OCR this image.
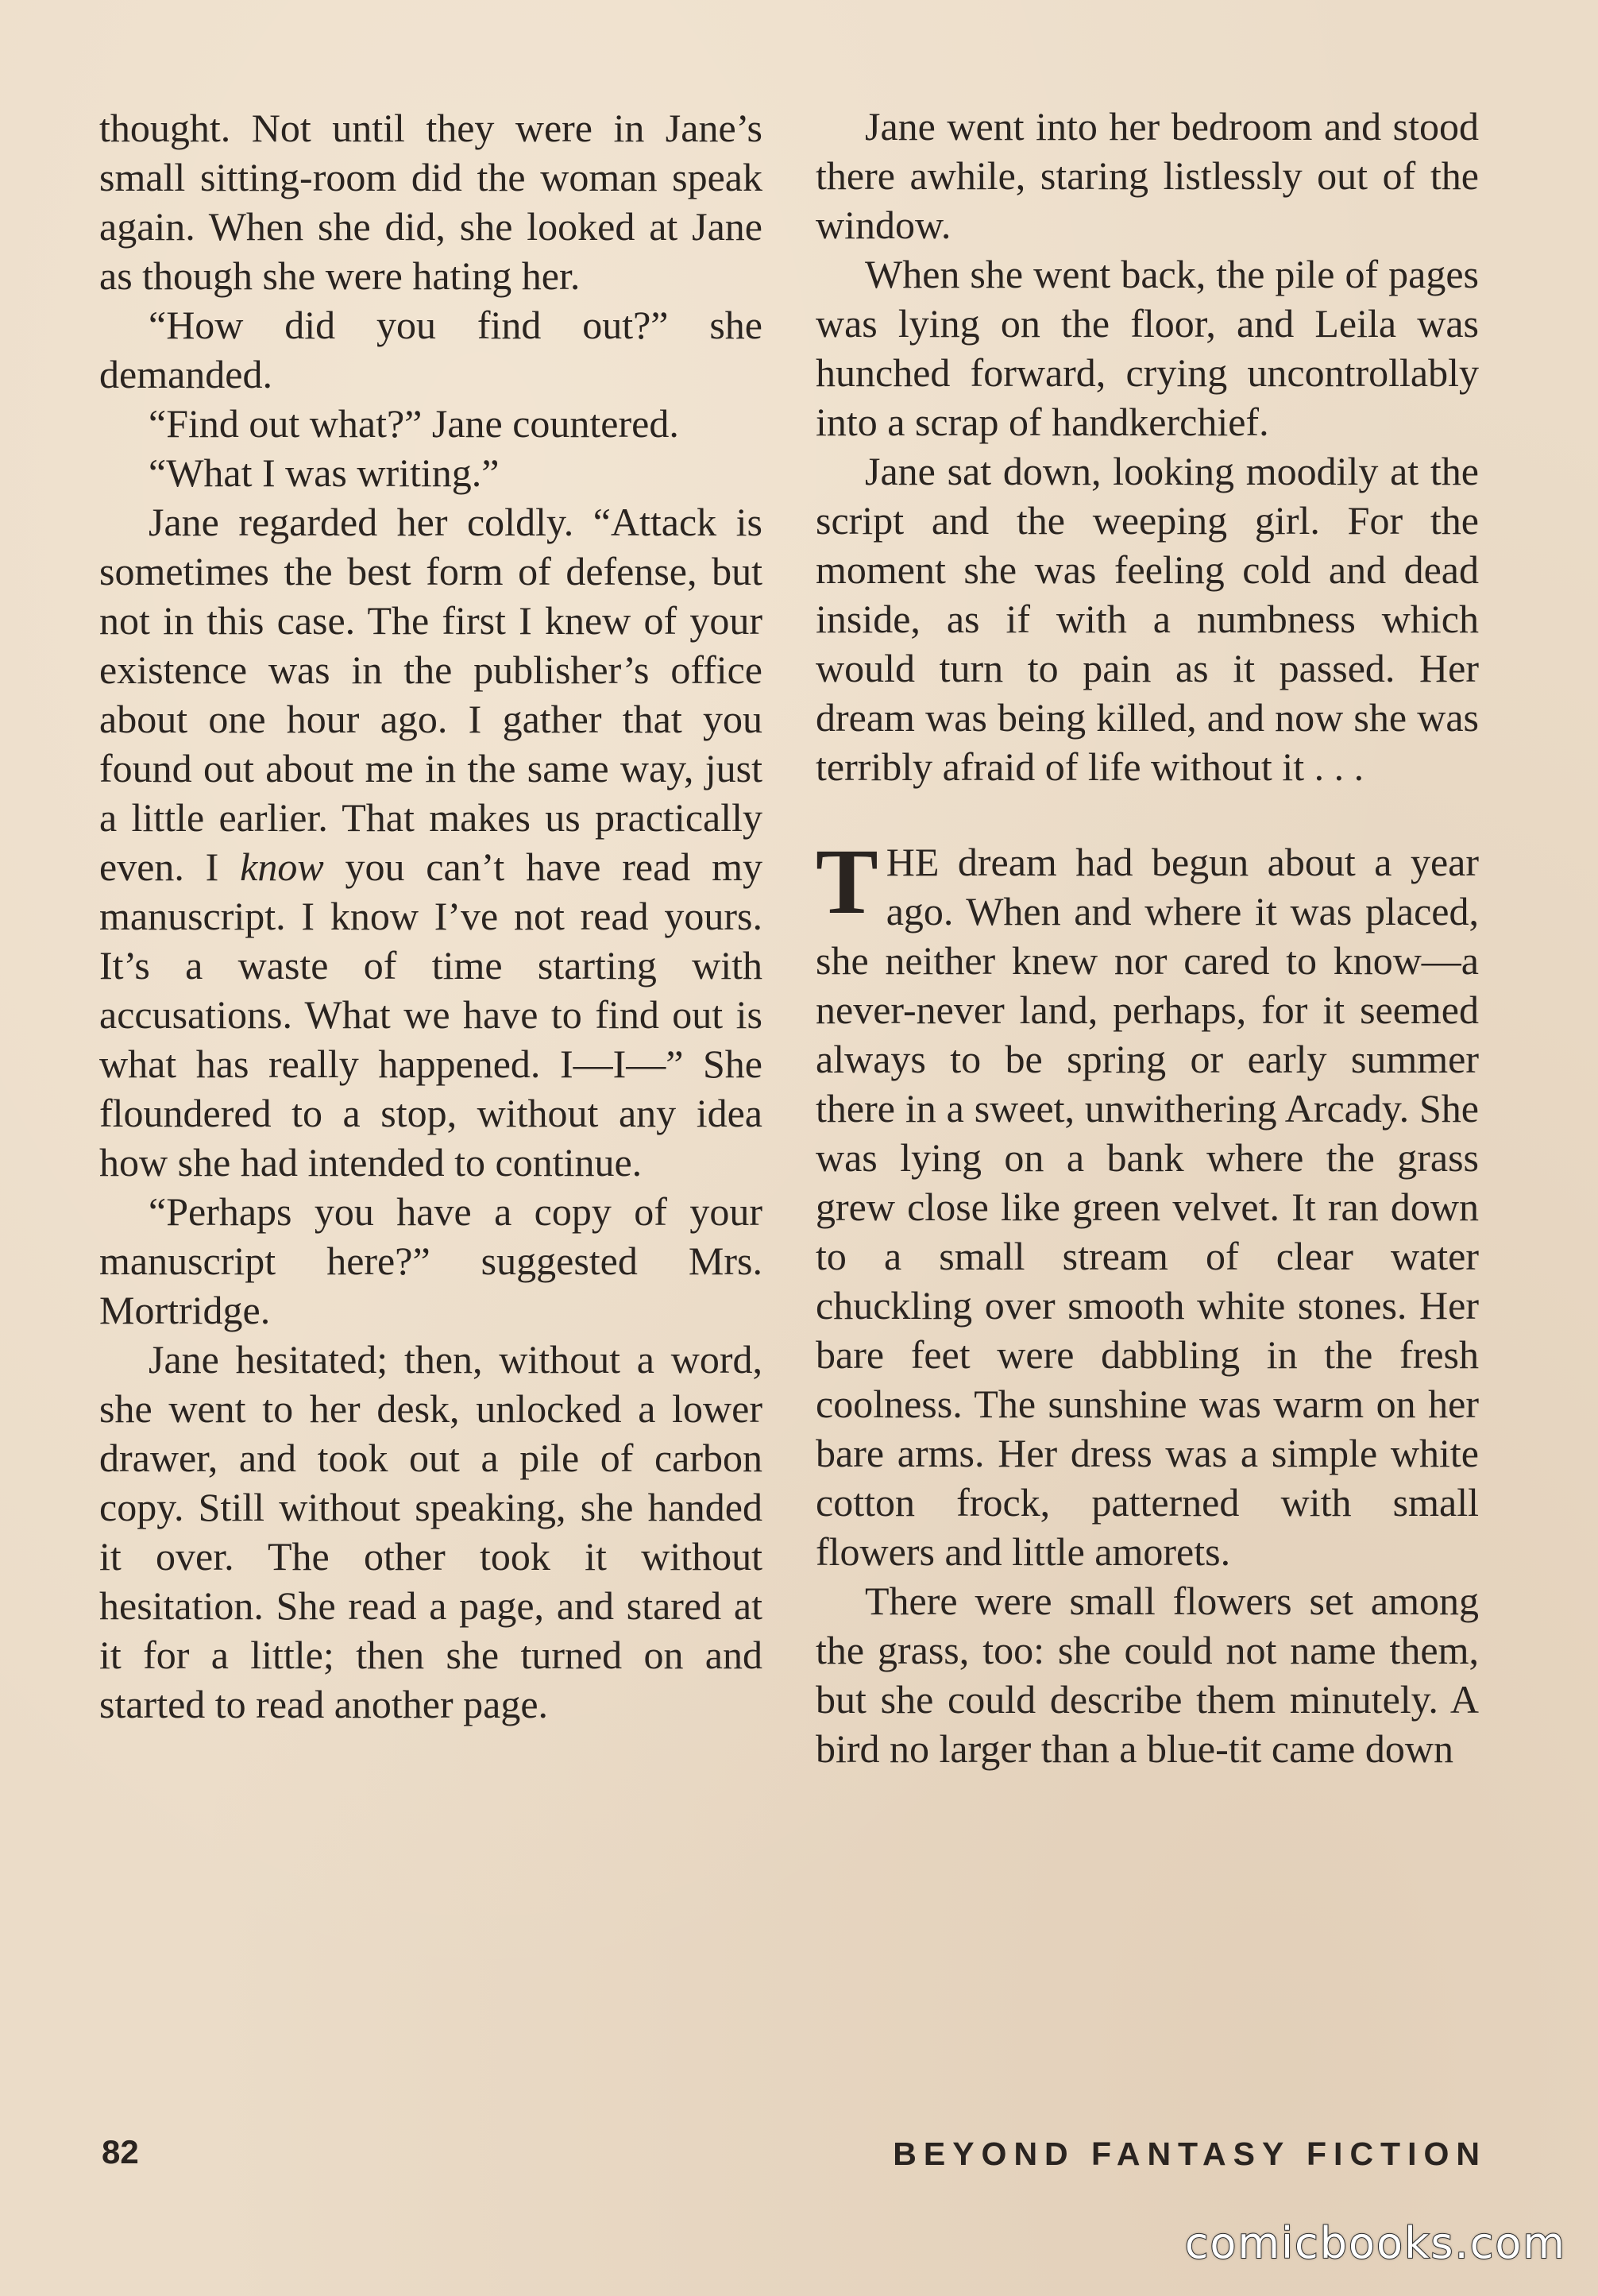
thought. Not until they were in Jane’s small sitting-room did the woman speak again. When she did, she looked at Jane as though she were hating her.

“How did you find out?” she demanded.

“Find out what?” Jane countered.

“What I was writing.”

Jane regarded her coldly. “Attack is sometimes the best form of defense, but not in this case. The first I knew of your existence was in the publisher’s office about one hour ago. I gather that you found out about me in the same way, just a little earlier. That makes us practically even. I know you can’t have read my manuscript. I know I’ve not read yours. It’s a waste of time starting with accusations. What we have to find out is what has really happened. I—I—” She floundered to a stop, without any idea how she had intended to continue.

“Perhaps you have a copy of your manuscript here?” suggested Mrs. Mortridge.

Jane hesitated; then, without a word, she went to her desk, unlocked a lower drawer, and took out a pile of carbon copy. Still without speaking, she handed it over. The other took it without hesitation. She read a page, and stared at it for a little; then she turned on and started to read another page.

Jane went into her bedroom and stood there awhile, staring listlessly out of the window.

When she went back, the pile of pages was lying on the floor, and Leila was hunched forward, crying uncontrollably into a scrap of handkerchief.

Jane sat down, looking moodily at the script and the weeping girl. For the moment she was feeling cold and dead inside, as if with a numbness which would turn to pain as it passed. Her dream was being killed, and now she was terribly afraid of life without it . . .

THE dream had begun about a year ago. When and where it was placed, she neither knew nor cared to know—a never-never land, perhaps, for it seemed always to be spring or early summer there in a sweet, unwithering Arcady. She was lying on a bank where the grass grew close like green velvet. It ran down to a small stream of clear water chuckling over smooth white stones. Her bare feet were dabbling in the fresh coolness. The sunshine was warm on her bare arms. Her dress was a simple white cotton frock, patterned with small flowers and little amorets.

There were small flowers set among the grass, too: she could not name them, but she could describe them minutely. A bird no larger than a blue-tit came down

82	BEYOND FANTASY FICTION
comicbooks.com
